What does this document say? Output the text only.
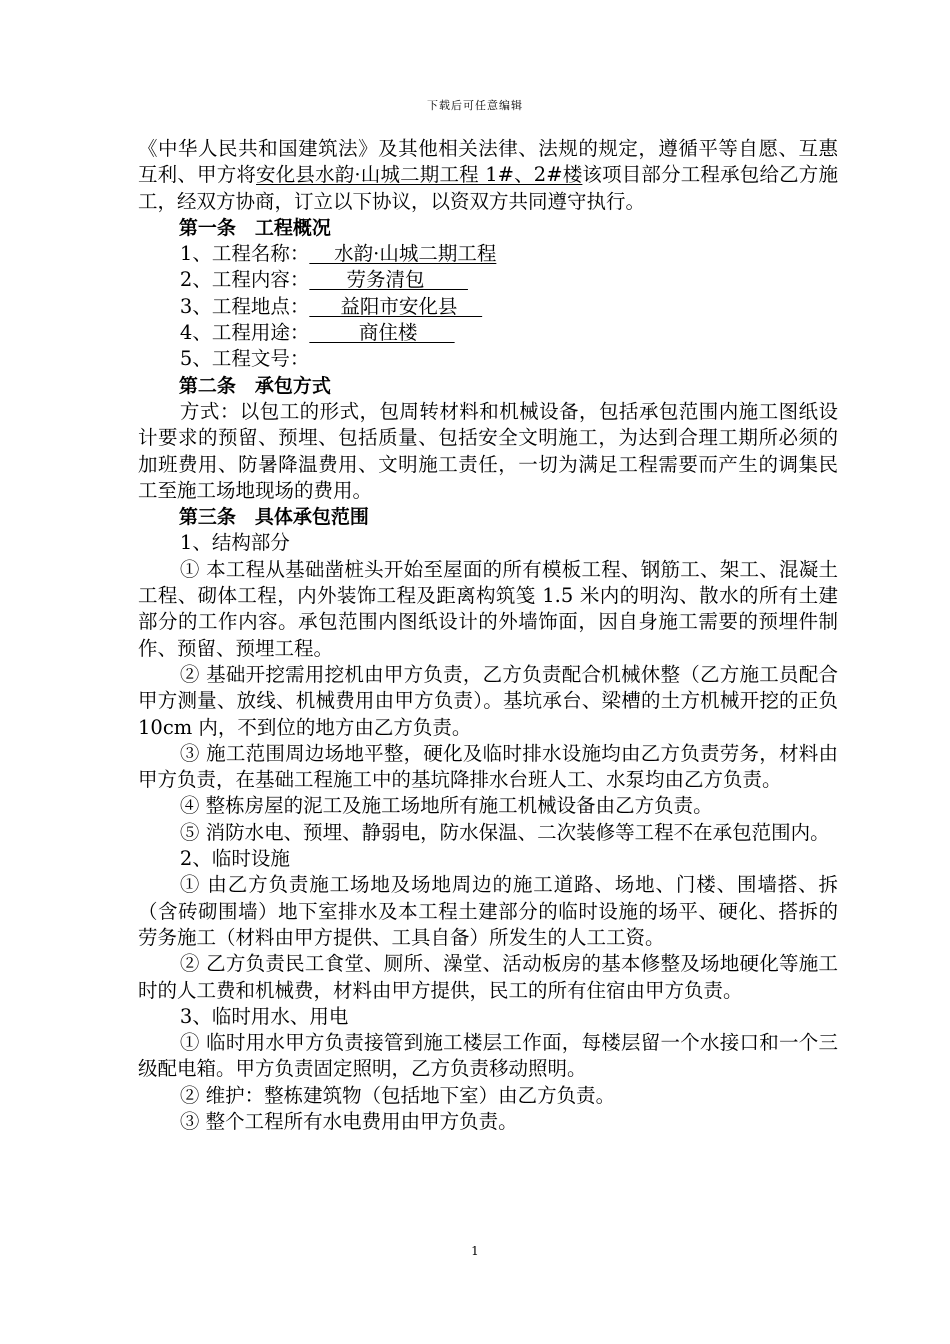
下载后可任意编辑

《中华人民共和国建筑法》及其他相关法律、法规的规定，遵循平等自愿、互惠互利、甲方将安化县水韵·山城二期工程 1#、2#楼该项目部分工程承包给乙方施工，经双方协商，订立以下协议，以资双方共同遵守执行。

第一条 工程概况

1、工程名称：    水韵·山城二期工程

2、工程内容：      劳务清包

3、工程地点：     益阳市安化县

4、工程用途：        商住楼

5、工程文号：

第二条 承包方式

方式：以包工的形式，包周转材料和机械设备，包括承包范围内施工图纸设计要求的预留、预埋、包括质量、包括安全文明施工，为达到合理工期所必须的加班费用、防暑降温费用、文明施工责任，一切为满足工程需要而产生的调集民工至施工场地现场的费用。

第三条 具体承包范围

1、结构部分

① 本工程从基础凿桩头开始至屋面的所有模板工程、钢筋工、架工、混凝土工程、砌体工程，内外装饰工程及距离构筑笺 1.5 米内的明沟、散水的所有土建部分的工作内容。承包范围内图纸设计的外墙饰面，因自身施工需要的预埋件制作、预留、预埋工程。

② 基础开挖需用挖机由甲方负责，乙方负责配合机械休整（乙方施工员配合甲方测量、放线、机械费用由甲方负责）。基坑承台、梁槽的土方机械开挖的正负 10cm 内，不到位的地方由乙方负责。

③ 施工范围周边场地平整，硬化及临时排水设施均由乙方负责劳务，材料由甲方负责，在基础工程施工中的基坑降排水台班人工、水泵均由乙方负责。

④ 整栋房屋的泥工及施工场地所有施工机械设备由乙方负责。

⑤ 消防水电、预埋、静弱电，防水保温、二次装修等工程不在承包范围内。

2、临时设施

① 由乙方负责施工场地及场地周边的施工道路、场地、门楼、围墙搭、拆（含砖砌围墙）地下室排水及本工程土建部分的临时设施的场平、硬化、搭拆的劳务施工（材料由甲方提供、工具自备）所发生的人工工资。

② 乙方负责民工食堂、厕所、澡堂、活动板房的基本修整及场地硬化等施工时的人工费和机械费，材料由甲方提供，民工的所有住宿由甲方负责。

3、临时用水、用电

① 临时用水甲方负责接管到施工楼层工作面，每楼层留一个水接口和一个三级配电箱。甲方负责固定照明，乙方负责移动照明。

② 维护：整栋建筑物（包括地下室）由乙方负责。

③ 整个工程所有水电费用由甲方负责。

1
